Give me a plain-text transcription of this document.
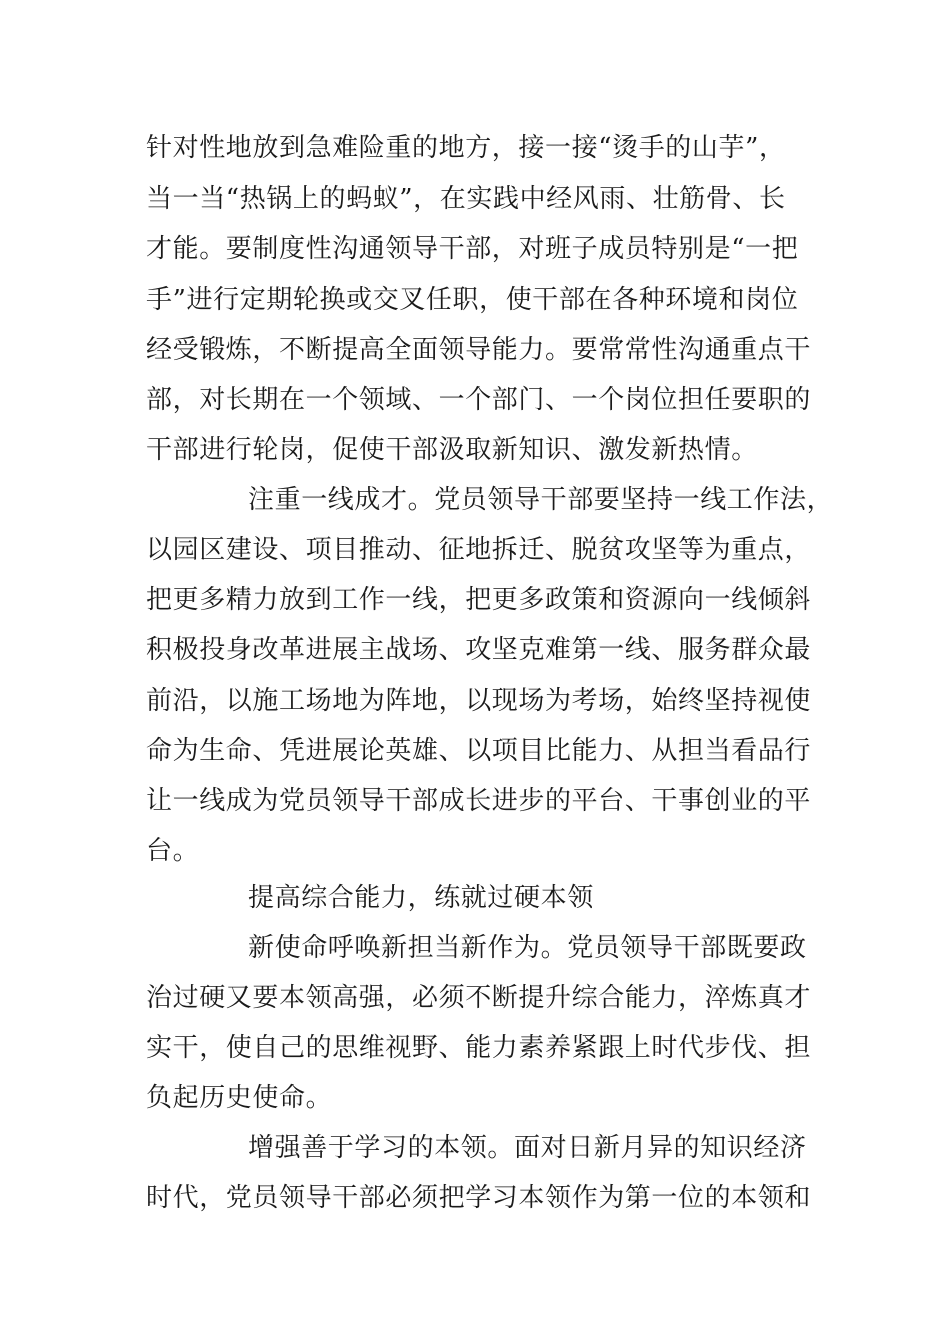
针对性地放到急难险重的地方，接一接“烫手的山芋”，
当一当“热锅上的蚂蚁”，在实践中经风雨、壮筋骨、长
才能。要制度性沟通领导干部，对班子成员特别是“一把
手”进行定期轮换或交叉任职，使干部在各种环境和岗位
经受锻炼，不断提高全面领导能力。要常常性沟通重点干
部，对长期在一个领域、一个部门、一个岗位担任要职的
干部进行轮岗，促使干部汲取新知识、激发新热情。
注重一线成才。党员领导干部要坚持一线工作法，
以园区建设、项目推动、征地拆迁、脱贫攻坚等为重点，
把更多精力放到工作一线，把更多政策和资源向一线倾斜
积极投身改革进展主战场、攻坚克难第一线、服务群众最
前沿，以施工场地为阵地，以现场为考场，始终坚持视使
命为生命、凭进展论英雄、以项目比能力、从担当看品行
让一线成为党员领导干部成长进步的平台、干事创业的平
台。
提高综合能力，练就过硬本领
新使命呼唤新担当新作为。党员领导干部既要政
治过硬又要本领高强，必须不断提升综合能力，淬炼真才
实干，使自己的思维视野、能力素养紧跟上时代步伐、担
负起历史使命。
增强善于学习的本领。面对日新月异的知识经济
时代，党员领导干部必须把学习本领作为第一位的本领和
